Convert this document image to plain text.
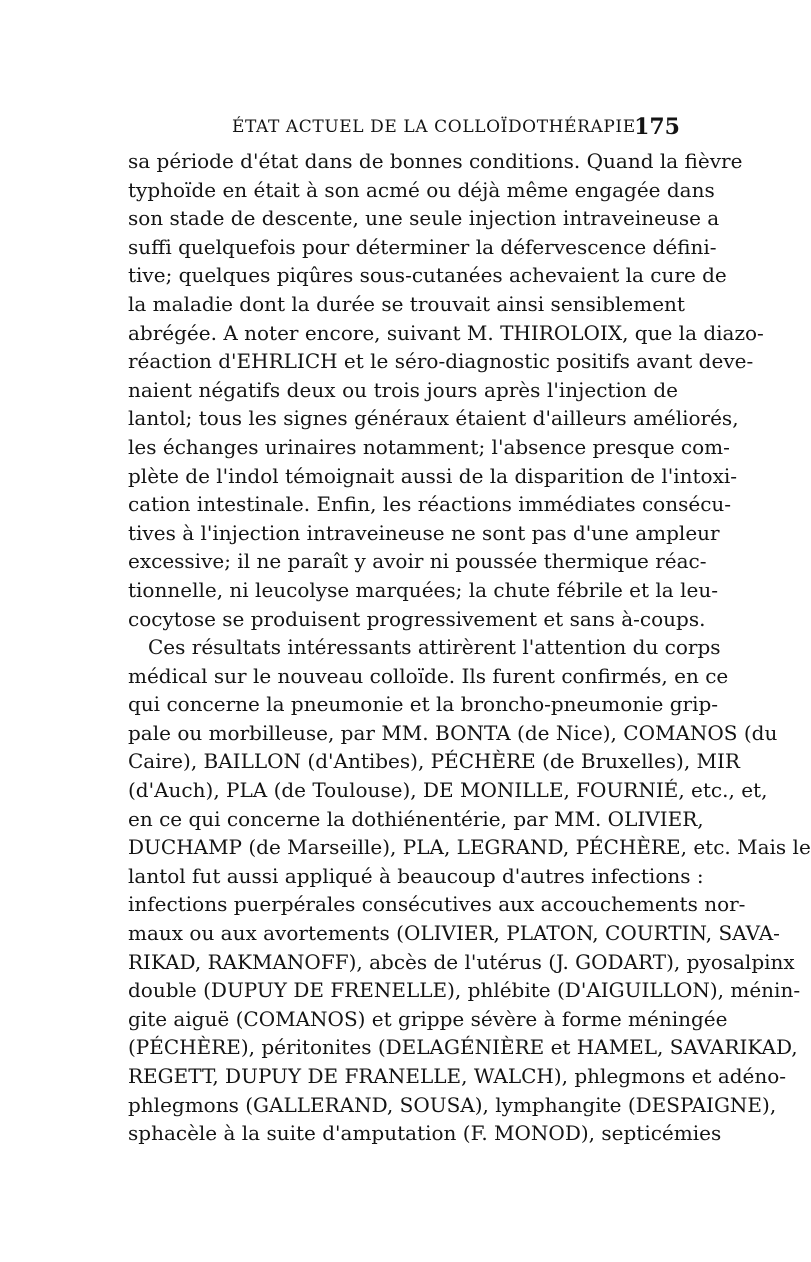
ÉTAT ACTUEL DE LA COLLOÏDOTHÉRAPIE
175
sa période d'état dans de bonnes conditions. Quand la fièvre
typhoïde en était à son acmé ou déjà même engagée dans
son stade de descente, une seule injection intraveineuse a
suffi quelquefois pour déterminer la défervescence défini-
tive; quelques piqûres sous-cutanées achevaient la cure de
la maladie dont la durée se trouvait ainsi sensiblement
abrégée. A noter encore, suivant M. THIROLOIX, que la diazo-
réaction d'EHRLICH et le séro-diagnostic positifs avant deve-
naient négatifs deux ou trois jours après l'injection de
lantol; tous les signes généraux étaient d'ailleurs améliorés,
les échanges urinaires notamment; l'absence presque com-
plète de l'indol témoignait aussi de la disparition de l'intoxi-
cation intestinale. Enfin, les réactions immédiates consécu-
tives à l'injection intraveineuse ne sont pas d'une ampleur
excessive; il ne paraît y avoir ni poussée thermique réac-
tionnelle, ni leucolyse marquées; la chute fébrile et la leu-
cocytose se produisent progressivement et sans à-coups.
Ces résultats intéressants attirèrent l'attention du corps
médical sur le nouveau colloïde. Ils furent confirmés, en ce
qui concerne la pneumonie et la broncho-pneumonie grip-
pale ou morbilleuse, par MM. BONTA (de Nice), COMANOS (du
Caire), BAILLON (d'Antibes), PÉCHÈRE (de Bruxelles), MIR
(d'Auch), PLA (de Toulouse), DE MONILLE, FOURNIÉ, etc., et,
en ce qui concerne la dothiénentérie, par MM. OLIVIER,
DUCHAMP (de Marseille), PLA, LEGRAND, PÉCHÈRE, etc. Mais le
lantol fut aussi appliqué à beaucoup d'autres infections :
infections puerpérales consécutives aux accouchements nor-
maux ou aux avortements (OLIVIER, PLATON, COURTIN, SAVA-
RIKAD, RAKMANOFF), abcès de l'utérus (J. GODART), pyosalpinx
double (DUPUY DE FRENELLE), phlébite (D'AIGUILLON), ménin-
gite aiguë (COMANOS) et grippe sévère à forme méningée
(PÉCHÈRE), péritonites (DELAGÉNIÈRE et HAMEL, SAVARIKAD,
REGETT, DUPUY DE FRANELLE, WALCH), phlegmons et adéno-
phlegmons (GALLERAND, SOUSA), lymphangite (DESPAIGNE),
sphacèle à la suite d'amputation (F. MONOD), septicémies
